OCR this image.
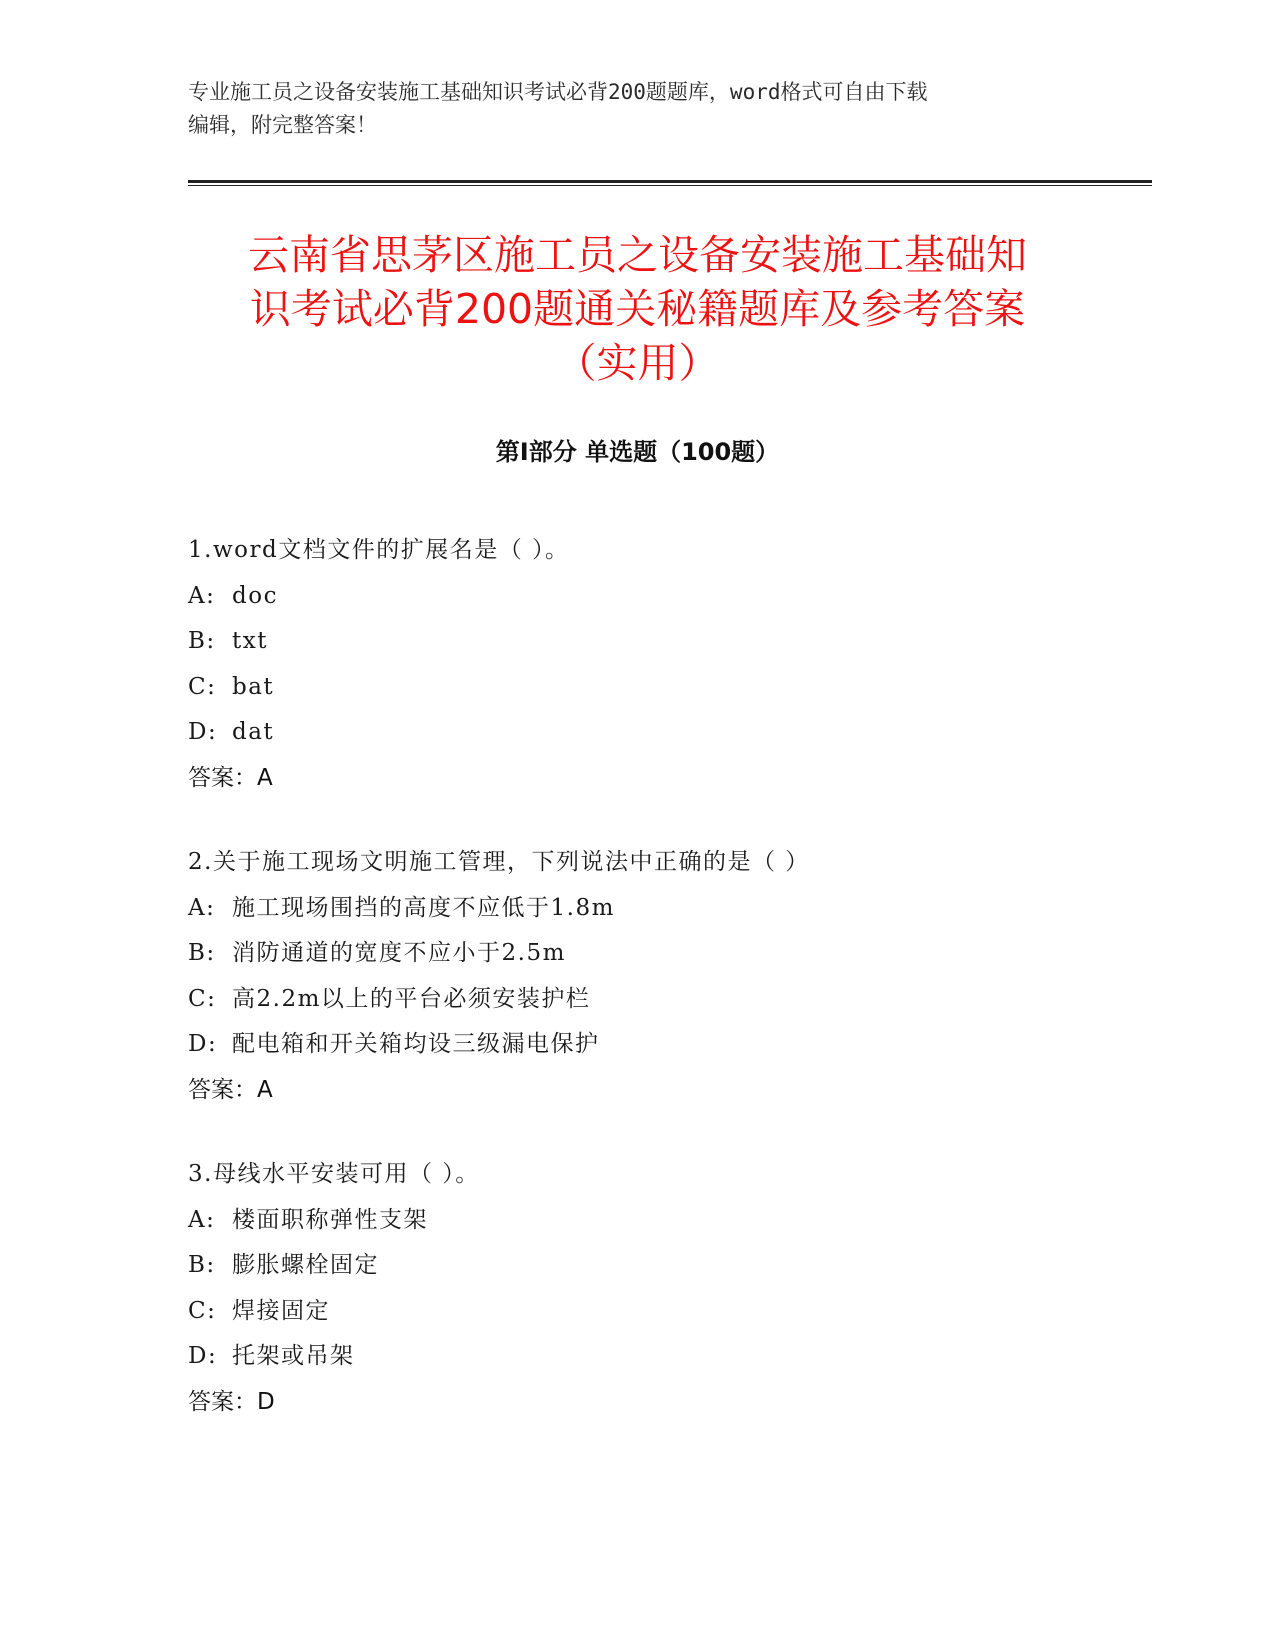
专业施工员之设备安装施工基础知识考试必背200题题库，word格式可自由下载
编辑，附完整答案！
云南省思茅区施工员之设备安装施工基础知
识考试必背200题通关秘籍题库及参考答案
（实用）
第I部分 单选题（100题）
1.word文档文件的扩展名是（ ）。
A: doc
B: txt
C: bat
D: dat
答案：A
2.关于施工现场文明施工管理，下列说法中正确的是（ ）
A: 施工现场围挡的高度不应低于1.8m
B: 消防通道的宽度不应小于2.5m
C: 高2.2m以上的平台必须安装护栏
D: 配电箱和开关箱均设三级漏电保护
答案：A
3.母线水平安装可用（ ）。
A: 楼面职称弹性支架
B: 膨胀螺栓固定
C: 焊接固定
D: 托架或吊架
答案：D
